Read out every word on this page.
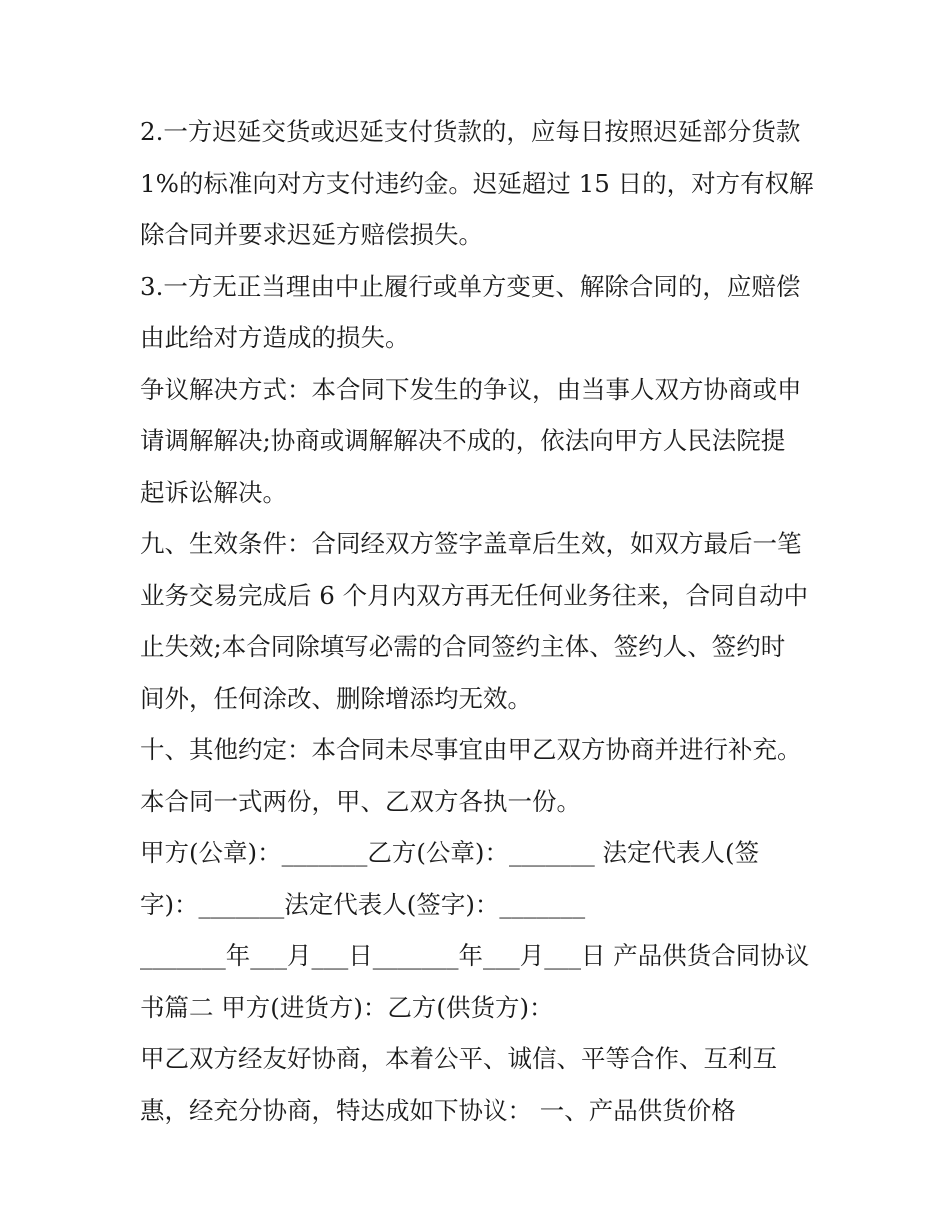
2.一方迟延交货或迟延支付货款的，应每日按照迟延部分货款
1%的标准向对方支付违约金。迟延超过 15 日的，对方有权解
除合同并要求迟延方赔偿损失。
3.一方无正当理由中止履行或单方变更、解除合同的，应赔偿
由此给对方造成的损失。
争议解决方式：本合同下发生的争议，由当事人双方协商或申
请调解解决;协商或调解解决不成的，依法向甲方人民法院提
起诉讼解决。
九、生效条件：合同经双方签字盖章后生效，如双方最后一笔
业务交易完成后 6 个月内双方再无任何业务往来，合同自动中
止失效;本合同除填写必需的合同签约主体、签约人、签约时
间外，任何涂改、删除增添均无效。
十、其他约定：本合同未尽事宜由甲乙双方协商并进行补充。
本合同一式两份，甲、乙双方各执一份。
甲方(公章)：_______乙方(公章)：_______ 法定代表人(签
字)：_______法定代表人(签字)：_______
_______年___月___日_______年___月___日 产品供货合同协议
书篇二 甲方(进货方)：乙方(供货方)：
甲乙双方经友好协商，本着公平、诚信、平等合作、互利互
惠，经充分协商，特达成如下协议： 一、产品供货价格
